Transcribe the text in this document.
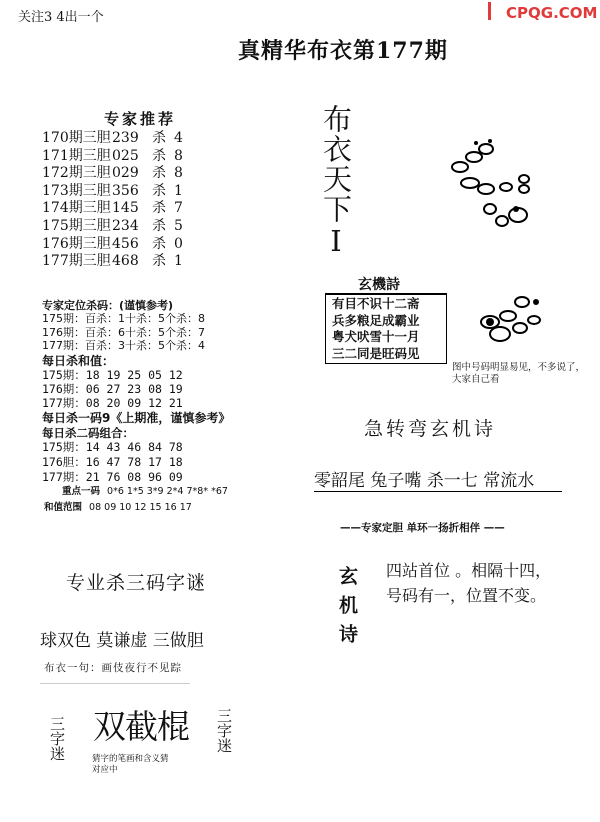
关注3 4出一个	CPQG.COM
真精华布衣第177期
专家推荐
170期三胆239 杀 4
171期三胆025 杀 8
172期三胆029 杀 8
173期三胆356 杀 1
174期三胆145 杀 7
175期三胆234 杀 5
176期三胆456 杀 0
177期三胆468 杀 1
布衣天下I
玄機詩
有目不识十二斋
兵多粮足成霸业
粤犬吠雪十一月
三二同是旺码见
图中号码明显易见，不多说了，大家自己看
专家定位杀码：(谨慎参考)
175期：百杀：1十杀：5个杀：8
176期：百杀：6十杀：5个杀：7
177期：百杀：3十杀：5个杀：4
每日杀和值：
175期：18 19 25 05 12
176期：06 27 23 08 19
177期：08 20 09 12 21
每日杀一码9《上期准，谨慎参考》
每日杀二码组合：
175期：14 43 46 84 78
176胆：16 47 78 17 18
177期：21 76 08 96 09
重点一码 0*6 1*5 3*9 2*4 7*8* *67
和值范围 08 09 10 12 15 16 17
急转弯玄机诗
零韶尾 兔子嘴 杀一七 常流水
——专家定胆 单环一扬折相伴 ——
玄机诗 四站首位 。相隔十四，
号码有一，位置不变。
专业杀三码字谜
球双色 莫谦虚 三做胆
布衣一句：画伎夜行不见踪
三字迷 双截棍 三字迷
猜字的笔画和含义猜
对应中
